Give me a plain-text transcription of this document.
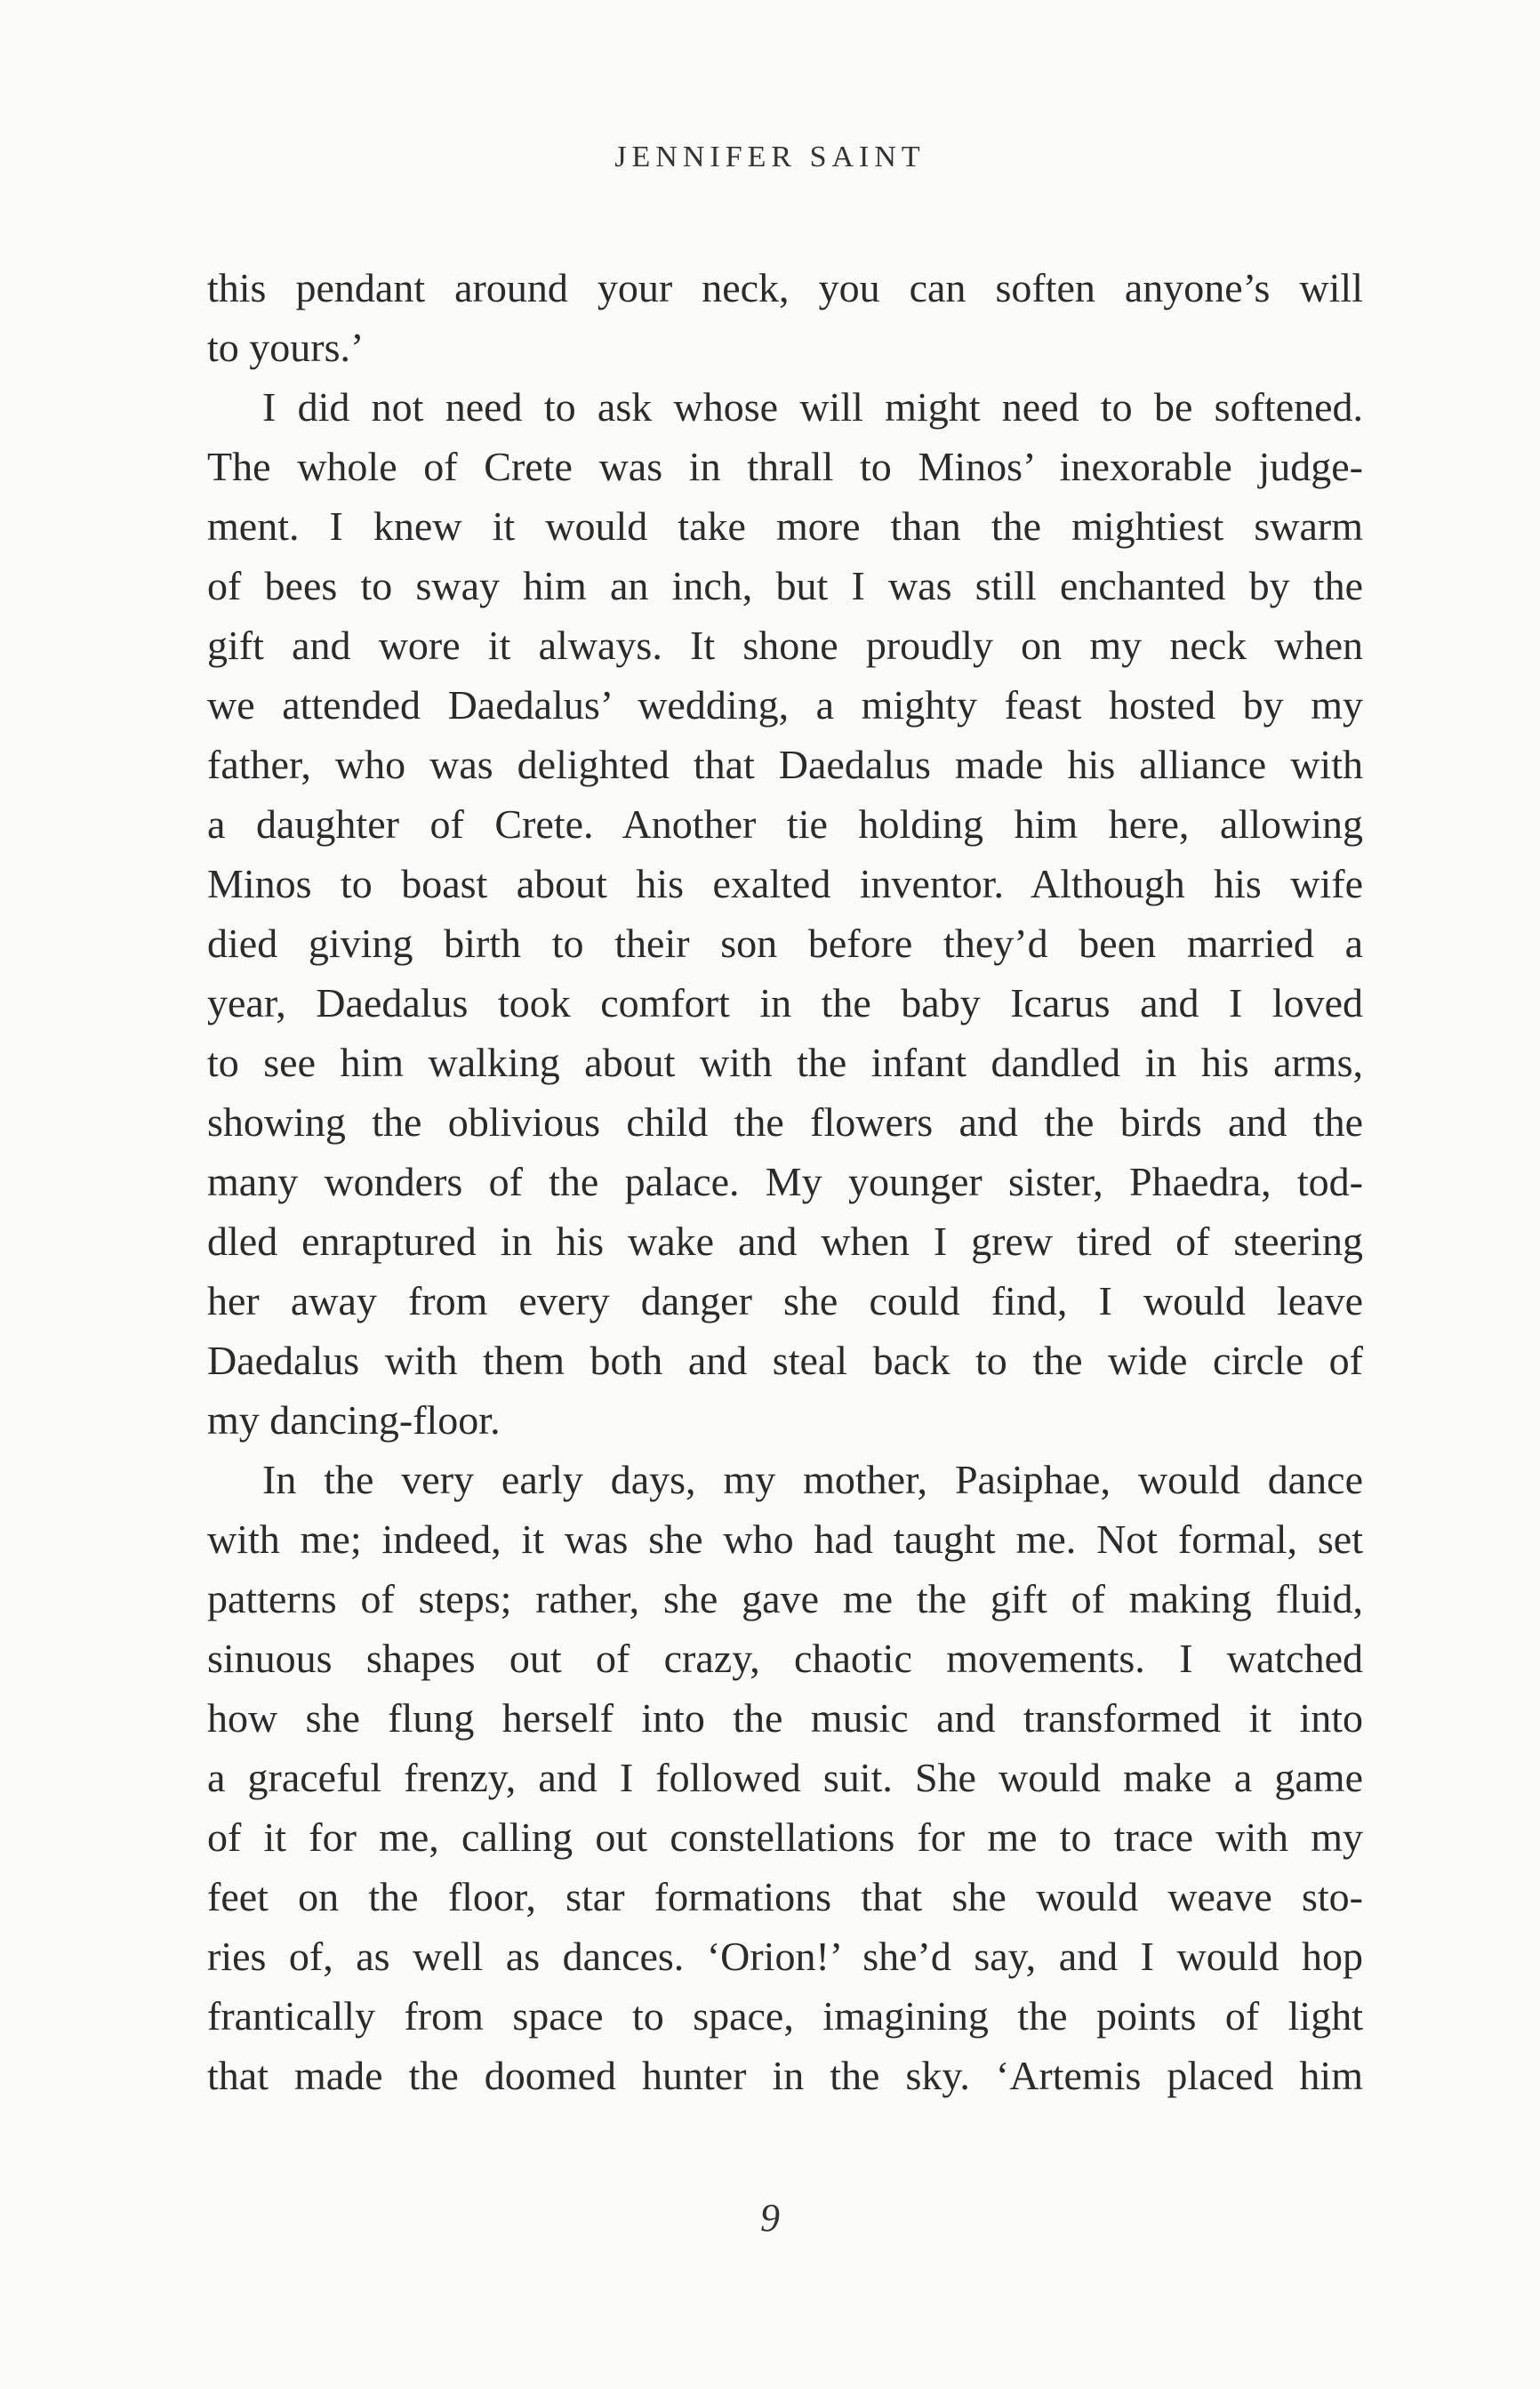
JENNIFER SAINT
this pendant around your neck, you can soften anyone’s will
to yours.’
I did not need to ask whose will might need to be softened.
The whole of Crete was in thrall to Minos’ inexorable judge-
ment. I knew it would take more than the mightiest swarm
of bees to sway him an inch, but I was still enchanted by the
gift and wore it always. It shone proudly on my neck when
we attended Daedalus’ wedding, a mighty feast hosted by my
father, who was delighted that Daedalus made his alliance with
a daughter of Crete. Another tie holding him here, allowing
Minos to boast about his exalted inventor. Although his wife
died giving birth to their son before they’d been married a
year, Daedalus took comfort in the baby Icarus and I loved
to see him walking about with the infant dandled in his arms,
showing the oblivious child the flowers and the birds and the
many wonders of the palace. My younger sister, Phaedra, tod-
dled enraptured in his wake and when I grew tired of steering
her away from every danger she could find, I would leave
Daedalus with them both and steal back to the wide circle of
my dancing-floor.
In the very early days, my mother, Pasiphae, would dance
with me; indeed, it was she who had taught me. Not formal, set
patterns of steps; rather, she gave me the gift of making fluid,
sinuous shapes out of crazy, chaotic movements. I watched
how she flung herself into the music and transformed it into
a graceful frenzy, and I followed suit. She would make a game
of it for me, calling out constellations for me to trace with my
feet on the floor, star formations that she would weave sto-
ries of, as well as dances. ‘Orion!’ she’d say, and I would hop
frantically from space to space, imagining the points of light
that made the doomed hunter in the sky. ‘Artemis placed him
9
